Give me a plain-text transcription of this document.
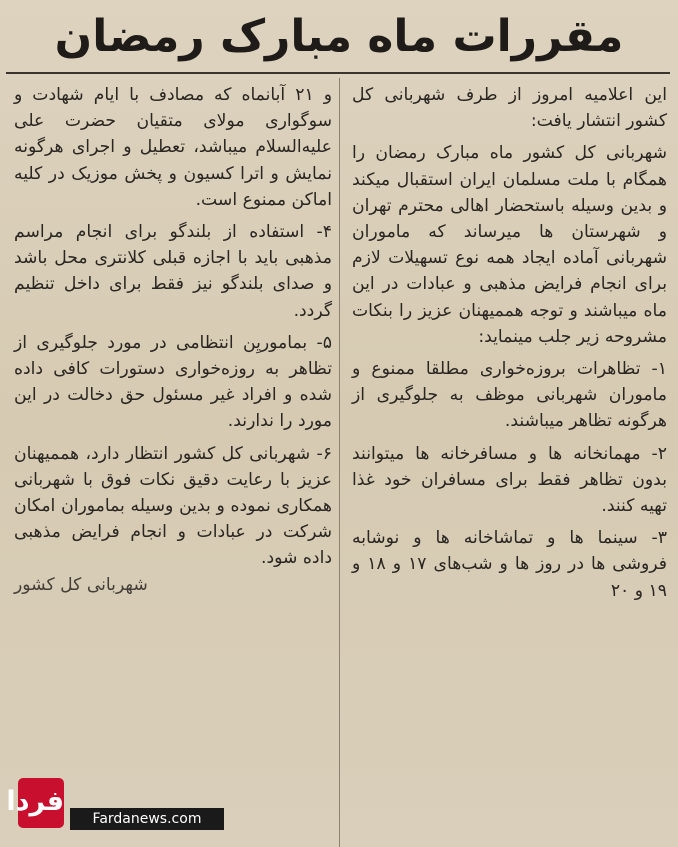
مقررات ماه مبارک رمضان

این اعلامیه امروز از طرف شهربانی کل کشور انتشار یافت:

شهربانی کل کشور ماه مبارک رمضان را همگام با ملت مسلمان ایران استقبال میکند و بدین وسیله باستحضار اهالی محترم تهران و شهرستان ها میرساند که ماموران شهربانی آماده ایجاد همه نوع تسهیلات لازم برای انجام فرایض مذهبی و عبادات در این ماه میباشند و توجه هممیهنان عزیز را بنکات مشروحه زیر جلب مینماید:

۱- تظاهرات بروزه‌خواری مطلقا ممنوع و ماموران شهربانی موظف به جلوگیری از هرگونه تظاهر میباشند.

۲- مهمانخانه ها و مسافرخانه ها میتوانند بدون تظاهر فقط برای مسافران خود غذا تهیه کنند.

۳- سینما ها و تماشاخانه ها و نوشابه فروشی ها در روز ها و شب‌های ۱۷ و ۱۸ و ۱۹ و ۲۰

و ۲۱ آبانماه که مصادف با ایام شهادت و سوگواری مولای متقیان حضرت علی علیه‌السلام میباشد، تعطیل و اجرای هرگونه نمایش و اترا کسیون و پخش موزیک در کلیه اماکن ممنوع است.

۴- استفاده از بلندگو برای انجام مراسم مذهبی باید با اجازه قبلی کلانتری محل باشد و صدای بلندگو نیز فقط برای داخل تنظیم گردد.

۵- بماموریِن انتظامی در مورد جلوگیری از تظاهر به روزه‌خواری دستورات کافی داده شده و افراد غیر مسئول حق دخالت در این مورد را ندارند.

۶- شهربانی کل کشور انتظار دارد، هممیهنان عزیز با رعایت دقیق نکات فوق با شهربانی همکاری نموده و بدین وسیله بماموران امکان شرکت در عبادات و انجام فرایض مذهبی داده شود.

شهربانی کل کشور

فردا
Fardanews.com
